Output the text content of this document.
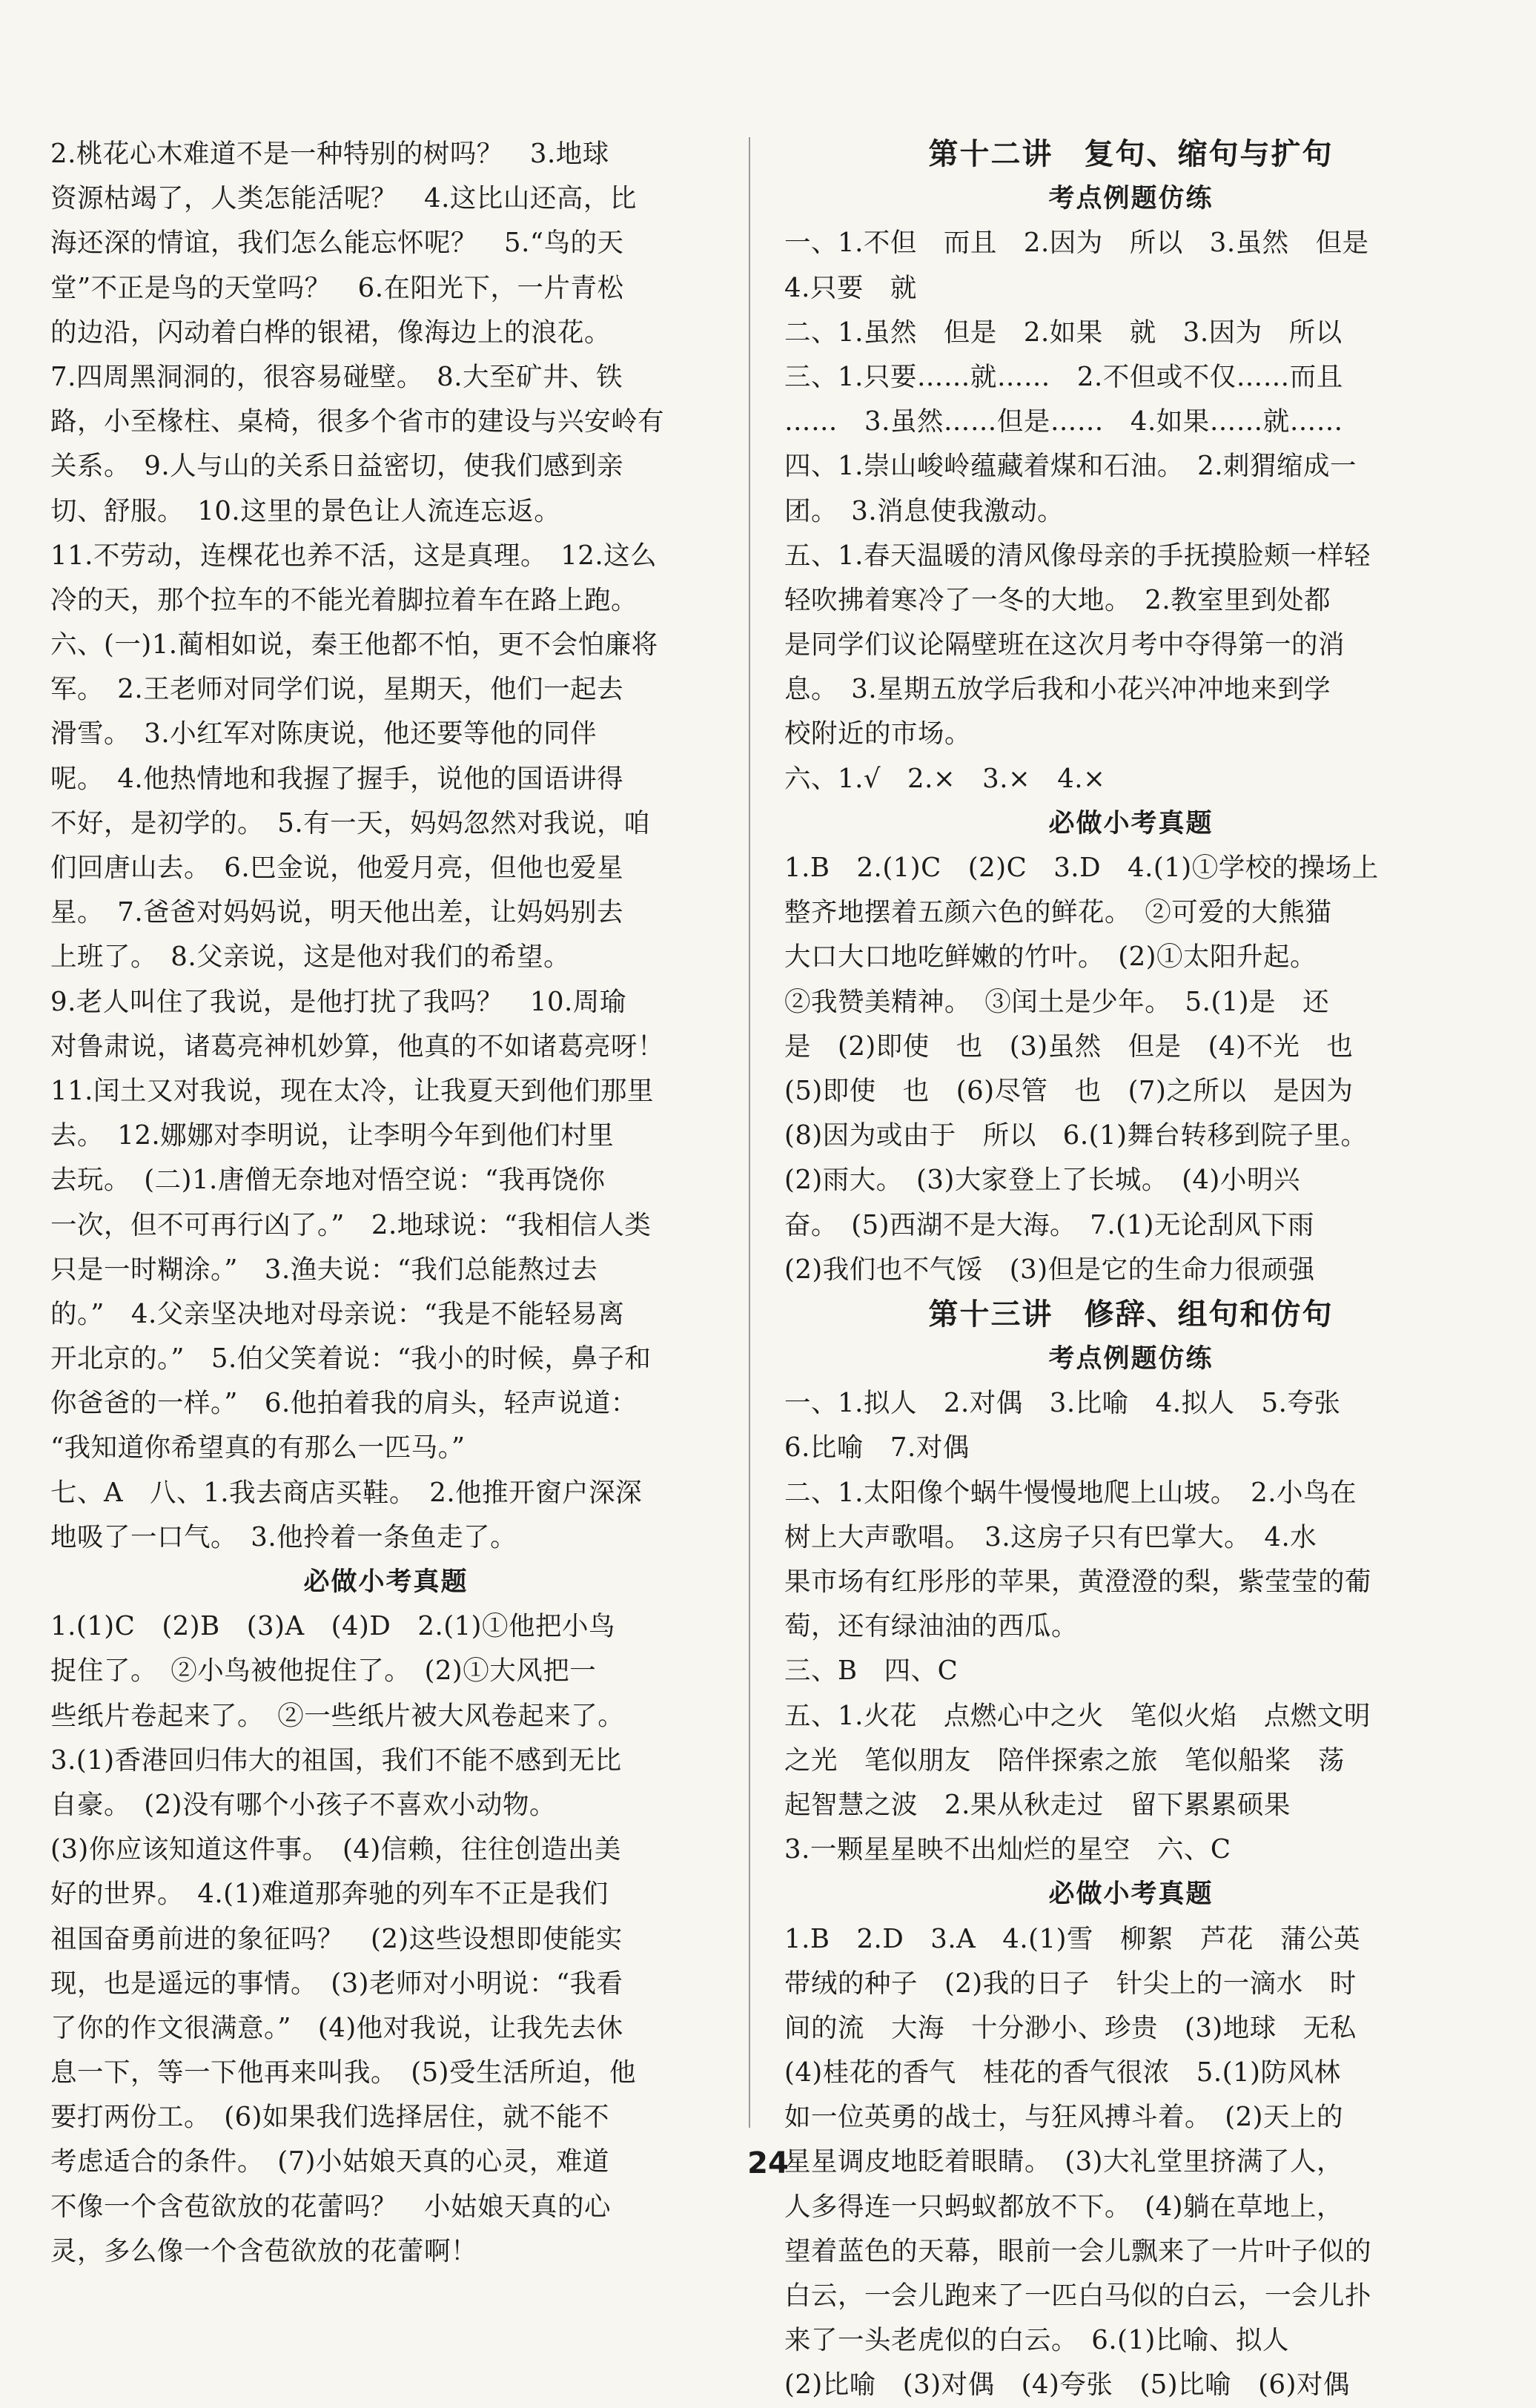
2.桃花心木难道不是一种特别的树吗？　3.地球
资源枯竭了，人类怎能活呢？　4.这比山还高，比
海还深的情谊，我们怎么能忘怀呢？　5.“鸟的天
堂”不正是鸟的天堂吗？　6.在阳光下，一片青松
的边沿，闪动着白桦的银裙，像海边上的浪花。
7.四周黑洞洞的，很容易碰壁。　8.大至矿井、铁
路，小至椽柱、桌椅，很多个省市的建设与兴安岭有
关系。　9.人与山的关系日益密切，使我们感到亲
切、舒服。　10.这里的景色让人流连忘返。
11.不劳动，连棵花也养不活，这是真理。　12.这么
冷的天，那个拉车的不能光着脚拉着车在路上跑。
六、(一)1.蔺相如说，秦王他都不怕，更不会怕廉将
军。　2.王老师对同学们说，星期天，他们一起去
滑雪。　3.小红军对陈庚说，他还要等他的同伴
呢。　4.他热情地和我握了握手，说他的国语讲得
不好，是初学的。　5.有一天，妈妈忽然对我说，咱
们回唐山去。　6.巴金说，他爱月亮，但他也爱星
星。　7.爸爸对妈妈说，明天他出差，让妈妈别去
上班了。　8.父亲说，这是他对我们的希望。
9.老人叫住了我说，是他打扰了我吗？　10.周瑜
对鲁肃说，诸葛亮神机妙算，他真的不如诸葛亮呀！
11.闰土又对我说，现在太冷，让我夏天到他们那里
去。　12.娜娜对李明说，让李明今年到他们村里
去玩。　(二)1.唐僧无奈地对悟空说：“我再饶你
一次，但不可再行凶了。”　2.地球说：“我相信人类
只是一时糊涂。”　3.渔夫说：“我们总能熬过去
的。”　4.父亲坚决地对母亲说：“我是不能轻易离
开北京的。”　5.伯父笑着说：“我小的时候，鼻子和
你爸爸的一样。”　6.他拍着我的肩头，轻声说道：
“我知道你希望真的有那么一匹马。”
七、A　八、1.我去商店买鞋。　2.他推开窗户深深
地吸了一口气。　3.他拎着一条鱼走了。
必做小考真题
1.(1)C　(2)B　(3)A　(4)D　2.(1)①他把小鸟
捉住了。　②小鸟被他捉住了。　(2)①大风把一
些纸片卷起来了。　②一些纸片被大风卷起来了。
3.(1)香港回归伟大的祖国，我们不能不感到无比
自豪。　(2)没有哪个小孩子不喜欢小动物。
(3)你应该知道这件事。　(4)信赖，往往创造出美
好的世界。　4.(1)难道那奔驰的列车不正是我们
祖国奋勇前进的象征吗？　(2)这些设想即使能实
现，也是遥远的事情。　(3)老师对小明说：“我看
了你的作文很满意。”　(4)他对我说，让我先去休
息一下，等一下他再来叫我。　(5)受生活所迫，他
要打两份工。　(6)如果我们选择居住，就不能不
考虑适合的条件。　(7)小姑娘天真的心灵，难道
不像一个含苞欲放的花蕾吗？　小姑娘天真的心
灵，多么像一个含苞欲放的花蕾啊！
第十二讲　复句、缩句与扩句
考点例题仿练
一、1.不但　而且　2.因为　所以　3.虽然　但是
4.只要　就
二、1.虽然　但是　2.如果　就　3.因为　所以
三、1.只要……就……　2.不但或不仅……而且
……　3.虽然……但是……　4.如果……就……
四、1.崇山峻岭蕴藏着煤和石油。　2.刺猬缩成一
团。　3.消息使我激动。
五、1.春天温暖的清风像母亲的手抚摸脸颊一样轻
轻吹拂着寒冷了一冬的大地。　2.教室里到处都
是同学们议论隔壁班在这次月考中夺得第一的消
息。　3.星期五放学后我和小花兴冲冲地来到学
校附近的市场。
六、1.√　2.×　3.×　4.×
必做小考真题
1.B　2.(1)C　(2)C　3.D　4.(1)①学校的操场上
整齐地摆着五颜六色的鲜花。　②可爱的大熊猫
大口大口地吃鲜嫩的竹叶。　(2)①太阳升起。
②我赞美精神。　③闰土是少年。　5.(1)是　还
是　(2)即使　也　(3)虽然　但是　(4)不光　也
(5)即使　也　(6)尽管　也　(7)之所以　是因为
(8)因为或由于　所以　6.(1)舞台转移到院子里。
(2)雨大。　(3)大家登上了长城。　(4)小明兴
奋。　(5)西湖不是大海。　7.(1)无论刮风下雨
(2)我们也不气馁　(3)但是它的生命力很顽强
第十三讲　修辞、组句和仿句
考点例题仿练
一、1.拟人　2.对偶　3.比喻　4.拟人　5.夸张
6.比喻　7.对偶
二、1.太阳像个蜗牛慢慢地爬上山坡。　2.小鸟在
树上大声歌唱。　3.这房子只有巴掌大。　4.水
果市场有红彤彤的苹果，黄澄澄的梨，紫莹莹的葡
萄，还有绿油油的西瓜。
三、B　四、C
五、1.火花　点燃心中之火　笔似火焰　点燃文明
之光　笔似朋友　陪伴探索之旅　笔似船桨　荡
起智慧之波　2.果从秋走过　留下累累硕果
3.一颗星星映不出灿烂的星空　六、C
必做小考真题
1.B　2.D　3.A　4.(1)雪　柳絮　芦花　蒲公英
带绒的种子　(2)我的日子　针尖上的一滴水　时
间的流　大海　十分渺小、珍贵　(3)地球　无私
(4)桂花的香气　桂花的香气很浓　5.(1)防风林
如一位英勇的战士，与狂风搏斗着。　(2)天上的
星星调皮地眨着眼睛。　(3)大礼堂里挤满了人，
人多得连一只蚂蚁都放不下。　(4)躺在草地上，
望着蓝色的天幕，眼前一会儿飘来了一片叶子似的
白云，一会儿跑来了一匹白马似的白云，一会儿扑
来了一头老虎似的白云。　6.(1)比喻、拟人
(2)比喻　(3)对偶　(4)夸张　(5)比喻　(6)对偶
24
